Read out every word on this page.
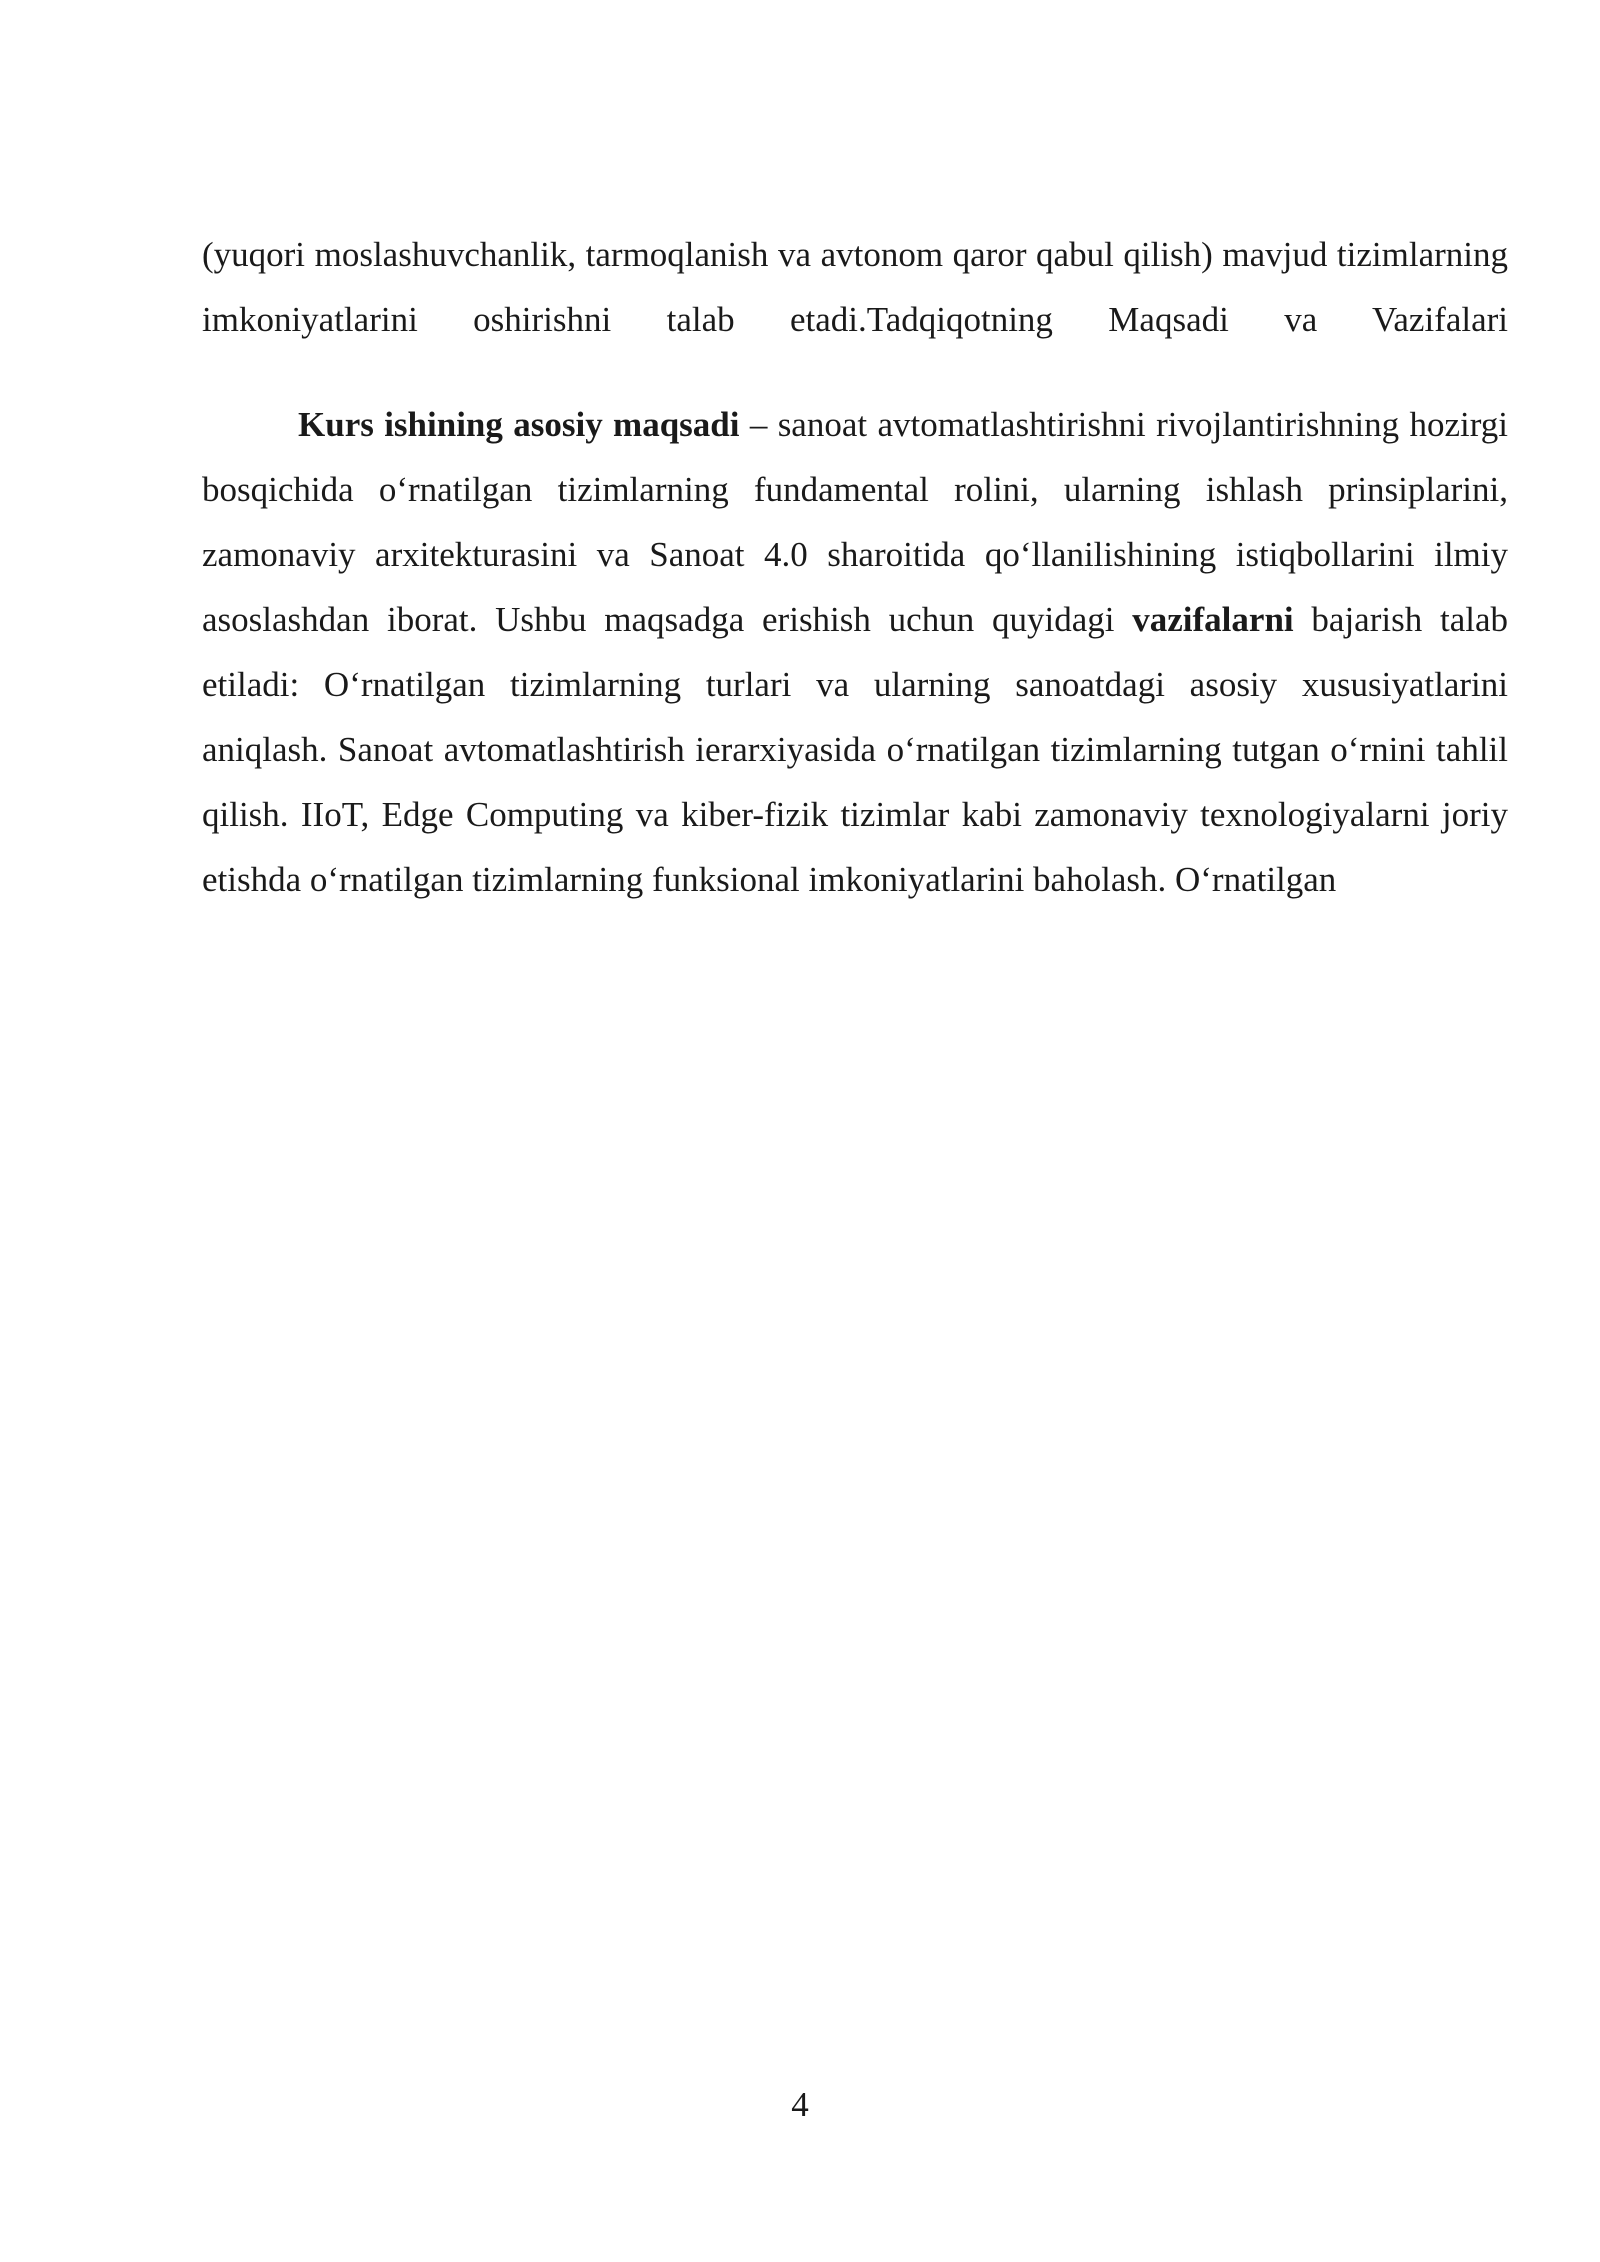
(yuqori moslashuvchanlik, tarmoqlanish va avtonom qaror qabul qilish) mavjud tizimlarning imkoniyatlarini oshirishni talab etadi.Tadqiqotning Maqsadi va Vazifalari

Kurs ishining asosiy maqsadi – sanoat avtomatlashtirishni rivojlantirishning hozirgi bosqichida o‘rnatilgan tizimlarning fundamental rolini, ularning ishlash prinsiplarini, zamonaviy arxitekturasini va Sanoat 4.0 sharoitida qo‘llanilishining istiqbollarini ilmiy asoslashdan iborat. Ushbu maqsadga erishish uchun quyidagi vazifalarni bajarish talab etiladi: O‘rnatilgan tizimlarning turlari va ularning sanoatdagi asosiy xususiyatlarini aniqlash. Sanoat avtomatlashtirish ierarxiyasida o‘rnatilgan tizimlarning tutgan o‘rnini tahlil qilish. IIoT, Edge Computing va kiber-fizik tizimlar kabi zamonaviy texnologiyalarni joriy etishda o‘rnatilgan tizimlarning funksional imkoniyatlarini baholash. O‘rnatilgan

4
